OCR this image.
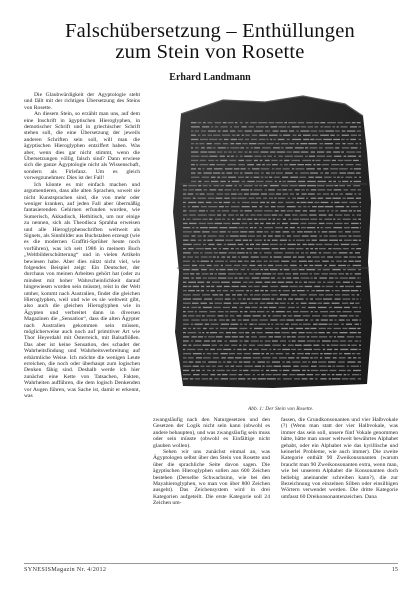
Falschübersetzung – Enthüllungen
zum Stein von Rosette
Erhard Landmann

Die Glaubwürdigkeit der Ägyptologie steht und fällt mit der richtigen Übersetzung des Steins von Rosette.

An diesem Stein, so erzählt man uns, auf dem eine Inschrift in ägyptischen Hieroglyphen, in demotischer Schrift und in griechischer Schrift stehen soll, die eine Übersetzung der jeweils anderen Schriften sein soll, will man die ägyptischen Hieroglyphen entziffert haben. Was aber, wenn dies gar nicht stimmt, wenn die Übersetzungen völlig falsch sind? Dann erwiese sich die ganze Ägyptologie nicht als Wissenschaft, sondern als Firlefanz. Um es gleich vorwegzunehmen: Dies ist der Fall!

Ich könnte es mir einfach machen und argumentieren, dass alle alten Sprachen, soweit sie nicht Kunstsprachen sind, die von mehr oder weniger kranken, auf jeden Fall aber übermäßig fantasierenden Gehirnen erfunden wurden, wie Sumerisch, Akkadisch, Hethitisch, um nur einige zu nennen, sich als Theodisca Sprahha erweisen und alle Hieroglyphenschriften weltweit als Signets, als Sinnbilder aus Buchstaben erzeugt (wie es die modernen Graffiti-Sprüher heute noch vorführen), was ich seit 1986 in meinem Buch „Weltbilderschütterung“ und in vielen Artikeln bewiesen habe. Aber dies nützt nicht viel, wie folgendes Beispiel zeigt: Ein Deutscher, der durchaus von meinen Arbeiten gehört hat (oder zu mindest mit hoher Wahrscheinlichkeit darauf hingewiesen worden sein müsste), reist in der Welt umher, kommt nach Australien, findet die gleichen Hieroglyphen, weil und wie es sie weltweit gibt, also auch die gleichen Hieroglyphen wie in Ägypten und verbreitet dann in diversen Magazinen die „Sensation“, dass die alten Ägypter nach Australien gekommen sein müssen, möglicherweise auch noch auf primitiver Art wie Thor Heyerdahl mit Österreich, mit Balsaflößen. Das aber ist keine Sensation, des schadet der Wahrheitsfindung und Wahrheitsverbreitung auf erbärmliche Weise. Ich möchte die wenigen Leute erreichen, die noch oder überhaupt zum logischen Denken fähig sind. Deshalb werde ich hier zunächst eine Kette von Tatsachen, Fakten, Wahrheiten aufführen, die dem logisch Denkenden vor Augen führen, was Sache ist, damit er erkennt, was

Abb. 1: Der Stein von Rosette.

zwangsläufig nach den Naturgesetzen und den Gesetzen der Logik nicht sein kann (obwohl es andere behaupten), und was zwangsläufig sein muss oder sein müsste (obwohl es Einfältige nicht glauben wollen).

Sehen wir uns zunächst einmal an, was Ägyptologen selbst über den Stein von Rosette und über die sprachliche Seite davon sagen. Die ägyptischen Hieroglyphen sollen aus 600 Zeichen bestehen (Derselbe Schwachsinn, wie bei den Mayahieroglyphen, wo man von über 800 Zeichen ausgeht). Das Zeichensystem wird in drei Kategorien aufgeteilt. Die erste Kategorie soll 24 Zeichen um-

fassen, die Grundkonsonanten und vier Halbvokale (?) (Wenn man statt der vier Halbvokale, was immer das sein soll, unsere fünf Vokale genommen hätte, hätte man unser weltweit bewährtes Alphabet gehabt, oder ein Alphabet wie das kyrillische und keinerlei Probleme, wie auch immer). Die zweite Kategorie enthält 90 Zweikonsonanten (warum braucht man 90 Zweikonsonanten extra, wenn man, wie bei unserem Alphabet die Konsonanten doch beliebig aneinander schreiben kann?), die zur Bezeichnung von einzelnen Silben oder einsilbigen Wörtern verwendet werden. Die dritte Kategorie umfasst 60 Dreikonsonantenzeichen. Dana

SYNESISMagazin Nr. 4/2012	15
